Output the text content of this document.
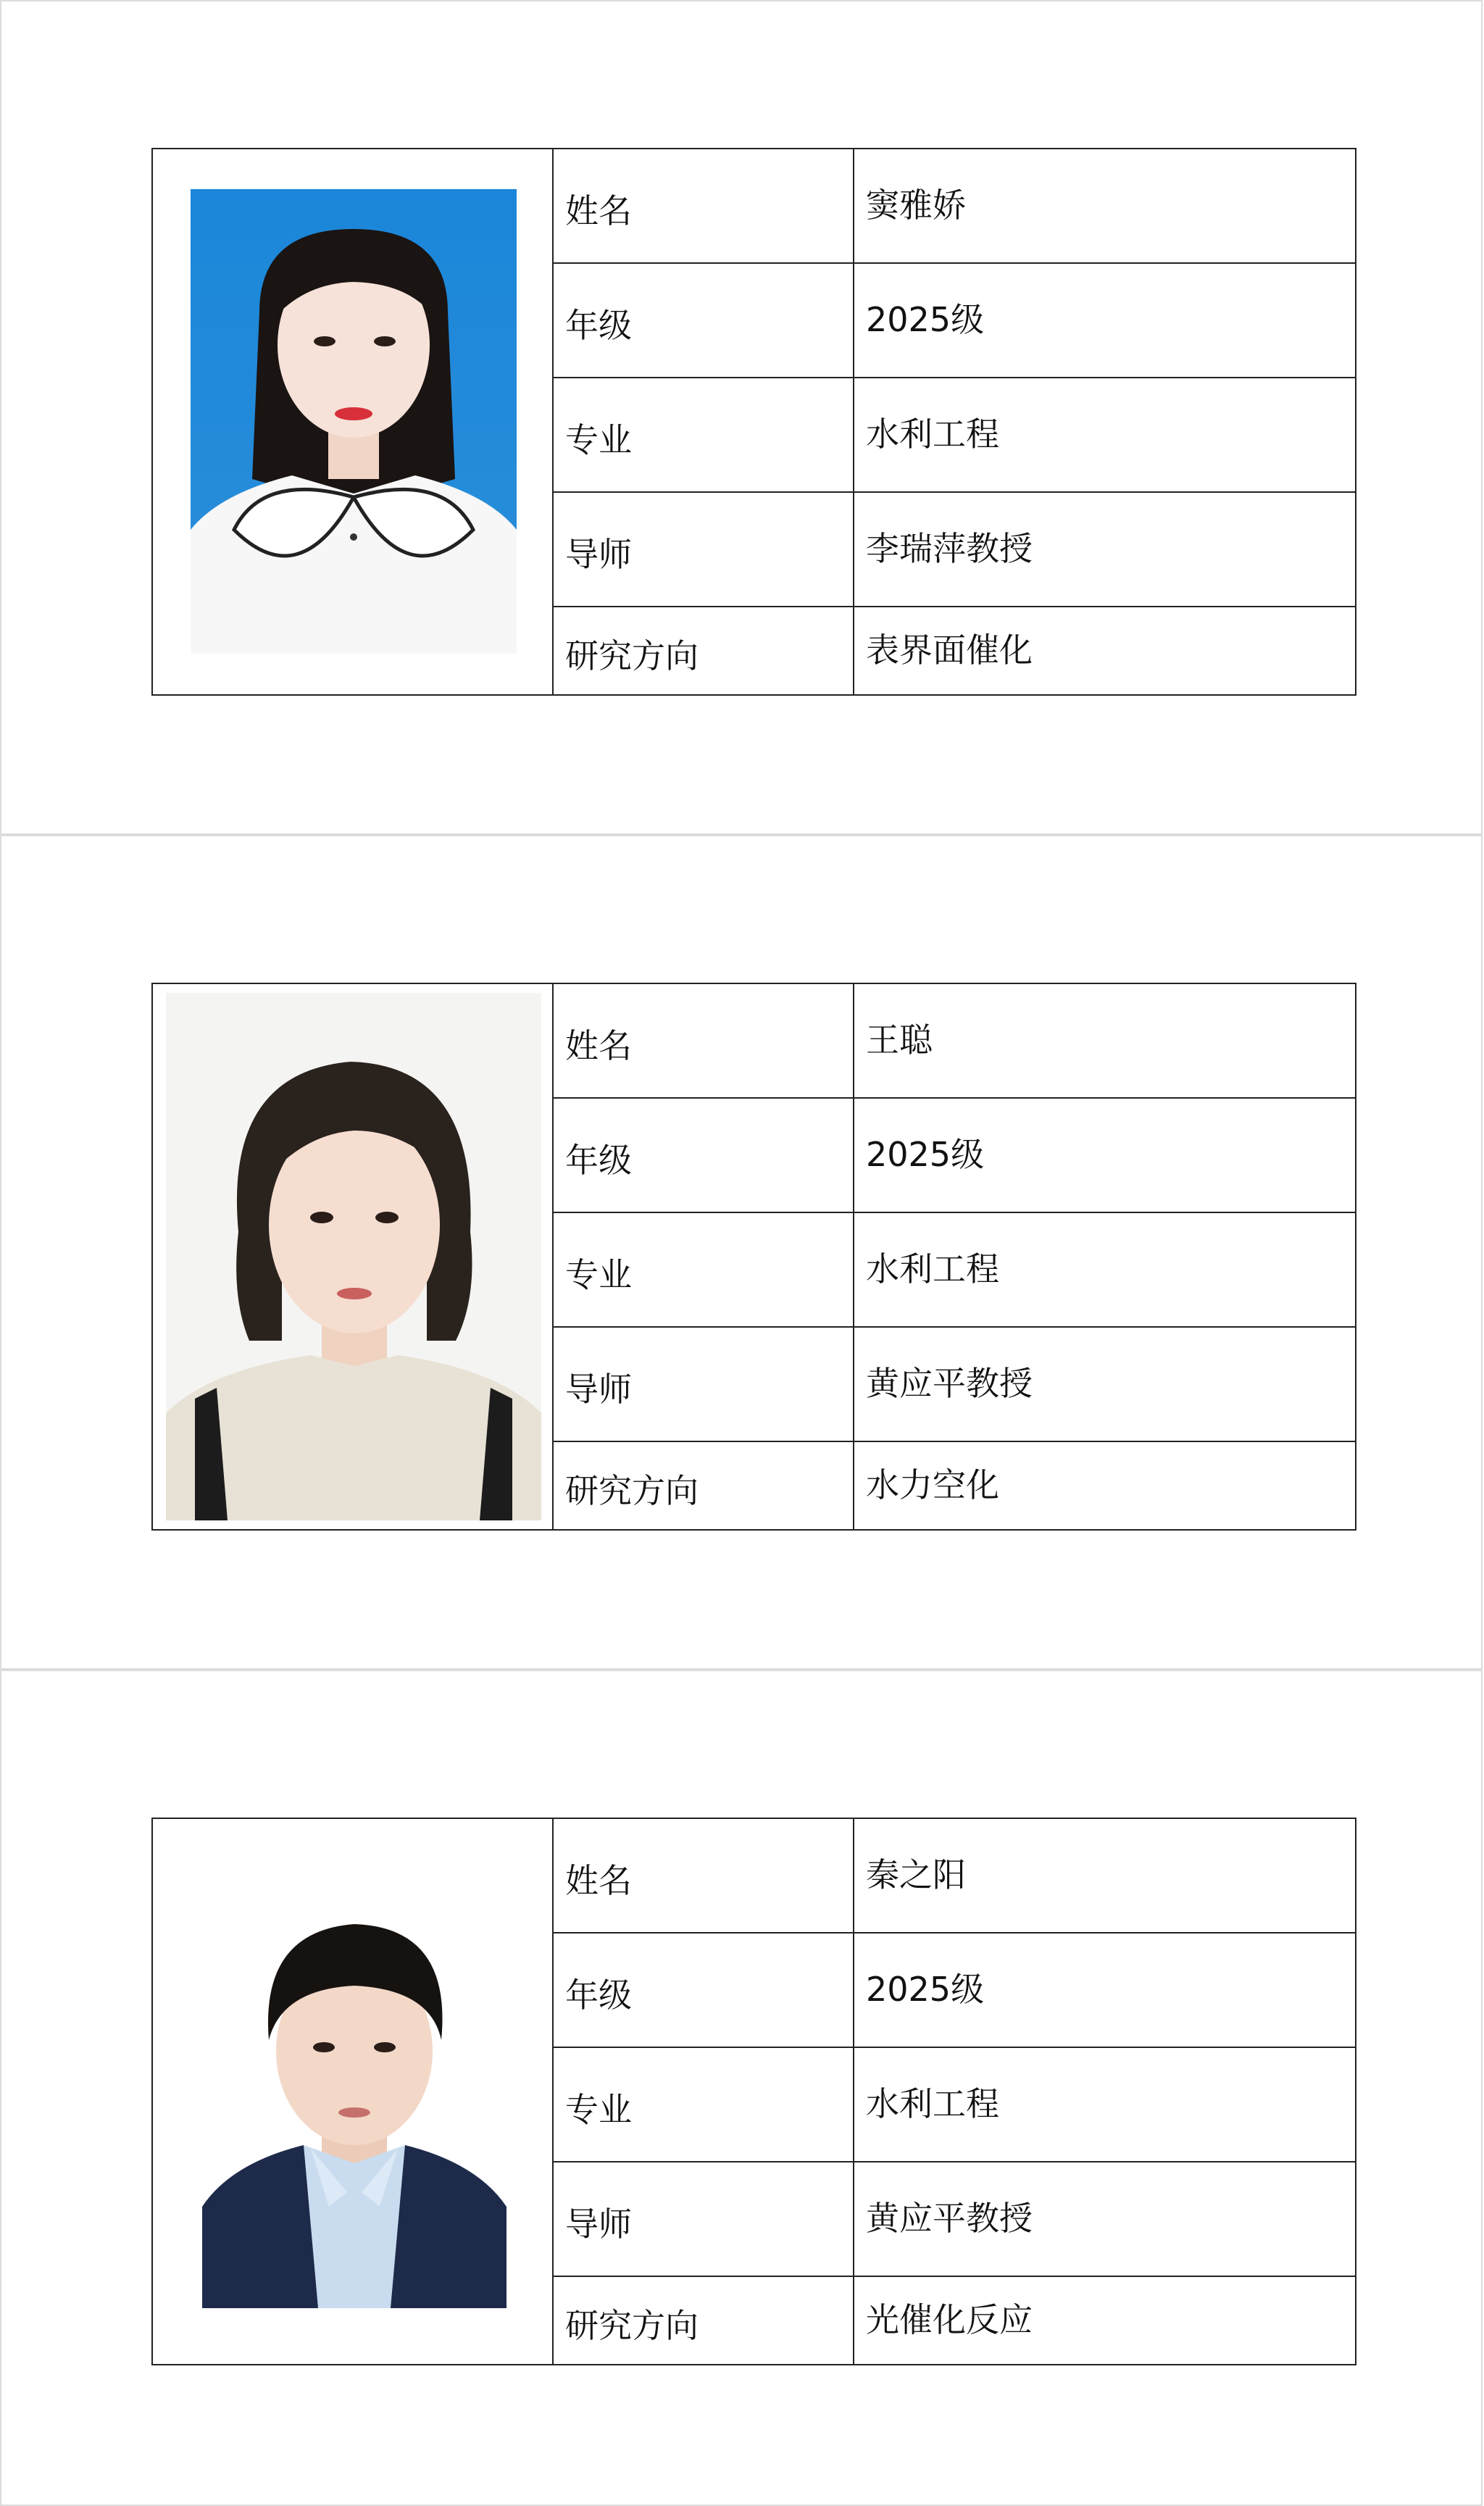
姓名	窦雅娇
年级	2025级
专业	水利工程
导师	李瑞萍教授
研究方向	表界面催化
姓名	王聪
年级	2025级
专业	水利工程
导师	黄应平教授
研究方向	水力空化
姓名	秦之阳
年级	2025级
专业	水利工程
导师	黄应平教授
研究方向	光催化反应
